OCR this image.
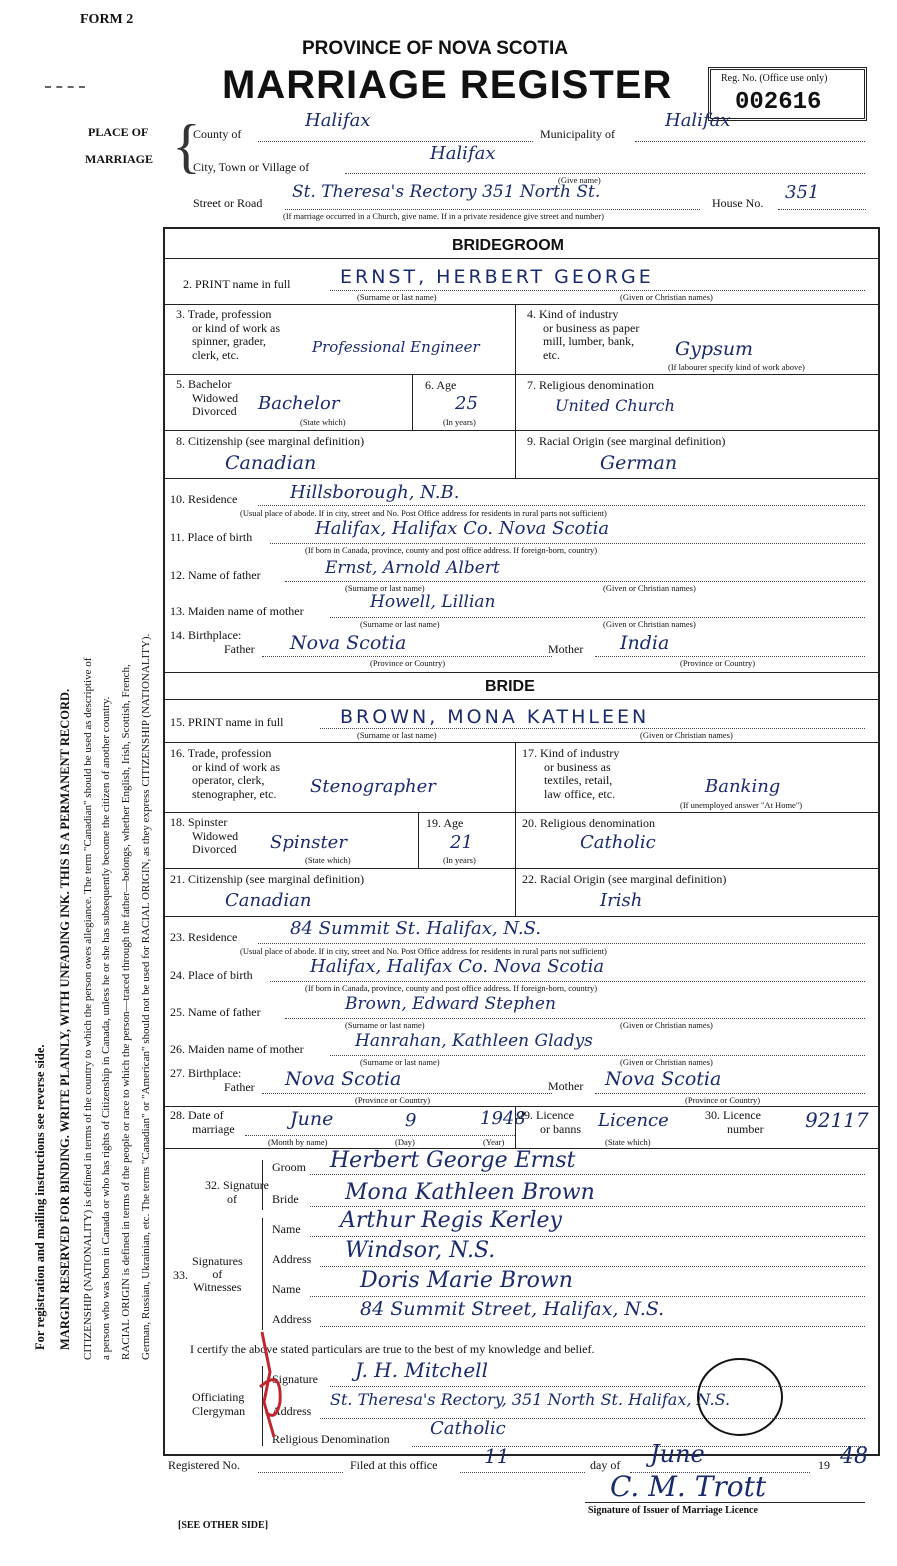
FORM 2
PROVINCE OF NOVA SCOTIA
MARRIAGE REGISTER	Reg. No. (Office use only)
002616
For registration and mailing instructions see reverse side. MARGIN RESERVED FOR BINDING. WRITE PLAINLY, WITH UNFADING INK. THIS IS A PERMANENT RECORD. CITIZENSHIP (NATIONALITY) is defined in terms of the country to which the person owes allegiance. The term "Canadian" should be used as descriptive of a person who was born in Canada or who has rights of Citizenship in Canada, unless he or she has subsequently become the citizen of another country. RACIAL ORIGIN is defined in terms of the people or race to which the person—traced through the father—belongs, whether English, Irish, Scottish, French, German, Russian, Ukrainian, etc. The terms "Canadian" or "American" should not be used for RACIAL ORIGIN, as they express CITIZENSHIP (NATIONALITY).
PLACE OF
MARRIAGE {
County of
Halifax
Municipality of
Halifax
City, Town or Village of
Halifax
(Give name)
Street or Road
St. Theresa's Rectory 351 North St.
House No. 351
(If marriage occurred in a Church, give name. If in a private residence give street and number)
BRIDEGROOM
2. PRINT name in full	ERNST, HERBERT GEORGE
(Surname or last name)	(Given or Christian names)
3. Trade, profession
or kind of work as
spinner, grader,
clerk, etc.	Professional Engineer
4. Kind of industry
or business as paper
mill, lumber, bank,
etc.	Gypsum
(If labourer specify kind of work above)
5. Bachelor
Widowed
Divorced Bachelor
(State which)
6. Age
25
(In years)
7. Religious denomination
United Church
8. Citizenship (see marginal definition)
Canadian
9. Racial Origin (see marginal definition)
German
10. Residence	Hillsborough, N.B.
(Usual place of abode. If in city, street and No. Post Office address for residents in rural parts not sufficient)
11. Place of birth	Halifax, Halifax Co. Nova Scotia
(If born in Canada, province, county and post office address. If foreign-born, country)
12. Name of father	Ernst, Arnold Albert
(Surname or last name)	(Given or Christian names)
13. Maiden name of mother	Howell, Lillian
(Surname or last name)	(Given or Christian names)
14. Birthplace:
Father Nova Scotia
(Province or Country)
Mother India
(Province or Country)
BRIDE
15. PRINT name in full	BROWN, MONA KATHLEEN
(Surname or last name)	(Given or Christian names)
16. Trade, profession
or kind of work as
operator, clerk,
stenographer, etc. Stenographer
17. Kind of industry
or business as
textiles, retail,
law office, etc.	Banking
(If unemployed answer "At Home")
18. Spinster
Widowed
Divorced Spinster
(State which)
19. Age
21
(In years)
20. Religious denomination
Catholic
21. Citizenship (see marginal definition)
Canadian
22. Racial Origin (see marginal definition)
Irish
23. Residence	84 Summit St. Halifax, N.S.
(Usual place of abode. If in city, street and No. Post Office address for residents in rural parts not sufficient)
24. Place of birth	Halifax, Halifax Co. Nova Scotia
(If born in Canada, province, county and post office address. If foreign-born, country)
25. Name of father	Brown, Edward Stephen
(Surname or last name)	(Given or Christian names)
26. Maiden name of mother	Hanrahan, Kathleen Gladys
(Surname or last name)	(Given or Christian names)
27. Birthplace:
Father Nova Scotia
(Province or Country)
Mother Nova Scotia
(Province or Country)
28. Date of
marriage	June	9	1948
(Month by name)	(Day)	(Year)
29. Licence
or banns Licence
(State which)
30. Licence
number 92117
32. Signature
of
Groom Herbert George Ernst
Bride Mona Kathleen Brown
33.
Signatures
of
Witnesses
Name Arthur Regis Kerley
Address Windsor, N.S.
Name	Doris Marie Brown
Address	84 Summit Street, Halifax, N.S.
I certify the above stated particulars are true to the best of my knowledge and belief.
Signature J. H. Mitchell
Officiating
Clergyman Address
St. Theresa's Rectory, 351 North St. Halifax, N.S.
Religious Denomination Catholic
Registered No.	Filed at this office 11	day of June	19 48
C. M. Trott
Signature of Issuer of Marriage Licence
[SEE OTHER SIDE]
